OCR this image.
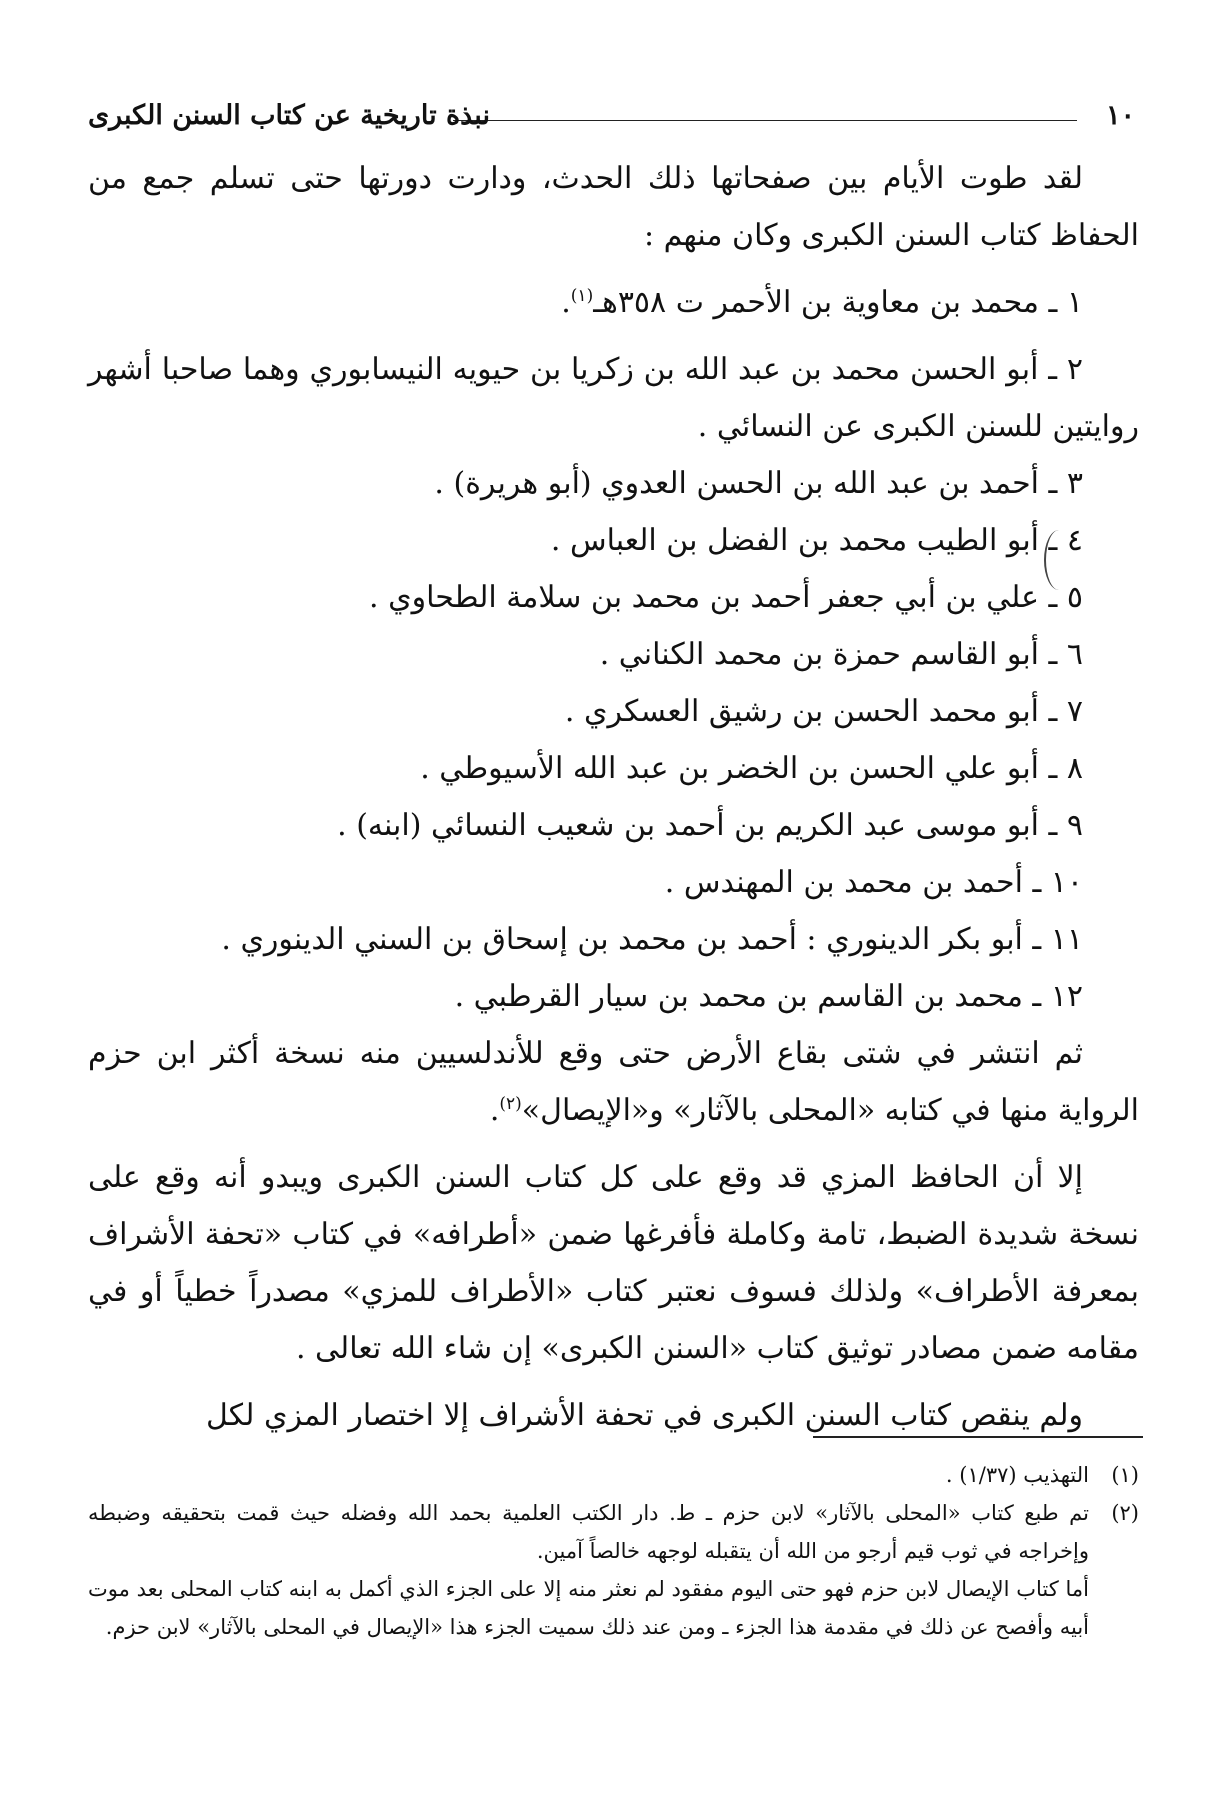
١٠
نبذة تاريخية عن كتاب السنن الكبرى

لقد طوت الأيام بين صفحاتها ذلك الحدث، ودارت دورتها حتى تسلم جمع من الحفاظ كتاب السنن الكبرى وكان منهم :

١ ـ محمد بن معاوية بن الأحمر ت ٣٥٨هـ$^{(١)}$.

٢ ـ أبو الحسن محمد بن عبد الله بن زكريا بن حيويه النيسابوري وهما صاحبا أشهر روايتين للسنن الكبرى عن النسائي .

٣ ـ أحمد بن عبد الله بن الحسن العدوي (أبو هريرة) .

٤ ـ أبو الطيب محمد بن الفضل بن العباس .

٥ ـ علي بن أبي جعفر أحمد بن محمد بن سلامة الطحاوي .

٦ ـ أبو القاسم حمزة بن محمد الكناني .

٧ ـ أبو محمد الحسن بن رشيق العسكري .

٨ ـ أبو علي الحسن بن الخضر بن عبد الله الأسيوطي .

٩ ـ أبو موسى عبد الكريم بن أحمد بن شعيب النسائي (ابنه) .

١٠ ـ أحمد بن محمد بن المهندس .

١١ ـ أبو بكر الدينوري : أحمد بن محمد بن إسحاق بن السني الدينوري .

١٢ ـ محمد بن القاسم بن محمد بن سيار القرطبي .

ثم انتشر في شتى بقاع الأرض حتى وقع للأندلسيين منه نسخة أكثر ابن حزم الرواية منها في كتابه «المحلى بالآثار» و«الإيصال»$^{(٢)}$.

إلا أن الحافظ المزي قد وقع على كل كتاب السنن الكبرى ويبدو أنه وقع على نسخة شديدة الضبط، تامة وكاملة فأفرغها ضمن «أطرافه» في كتاب «تحفة الأشراف بمعرفة الأطراف» ولذلك فسوف نعتبر كتاب «الأطراف للمزي» مصدراً خطياً أو في مقامه ضمن مصادر توثيق كتاب «السنن الكبرى» إن شاء الله تعالى .

ولم ينقص كتاب السنن الكبرى في تحفة الأشراف إلا اختصار المزي لكل

(١)
التهذيب (١/٣٧) .

(٢)
تم طبع كتاب «المحلى بالآثار» لابن حزم ـ ط. دار الكتب العلمية بحمد الله وفضله حيث قمت بتحقيقه وضبطه وإخراجه في ثوب قيم أرجو من الله أن يتقبله لوجهه خالصاً آمين.

أما كتاب الإيصال لابن حزم فهو حتى اليوم مفقود لم نعثر منه إلا على الجزء الذي أكمل به ابنه كتاب المحلى بعد موت أبيه وأفصح عن ذلك في مقدمة هذا الجزء ـ ومن عند ذلك سميت الجزء هذا «الإيصال في المحلى بالآثار» لابن حزم.
